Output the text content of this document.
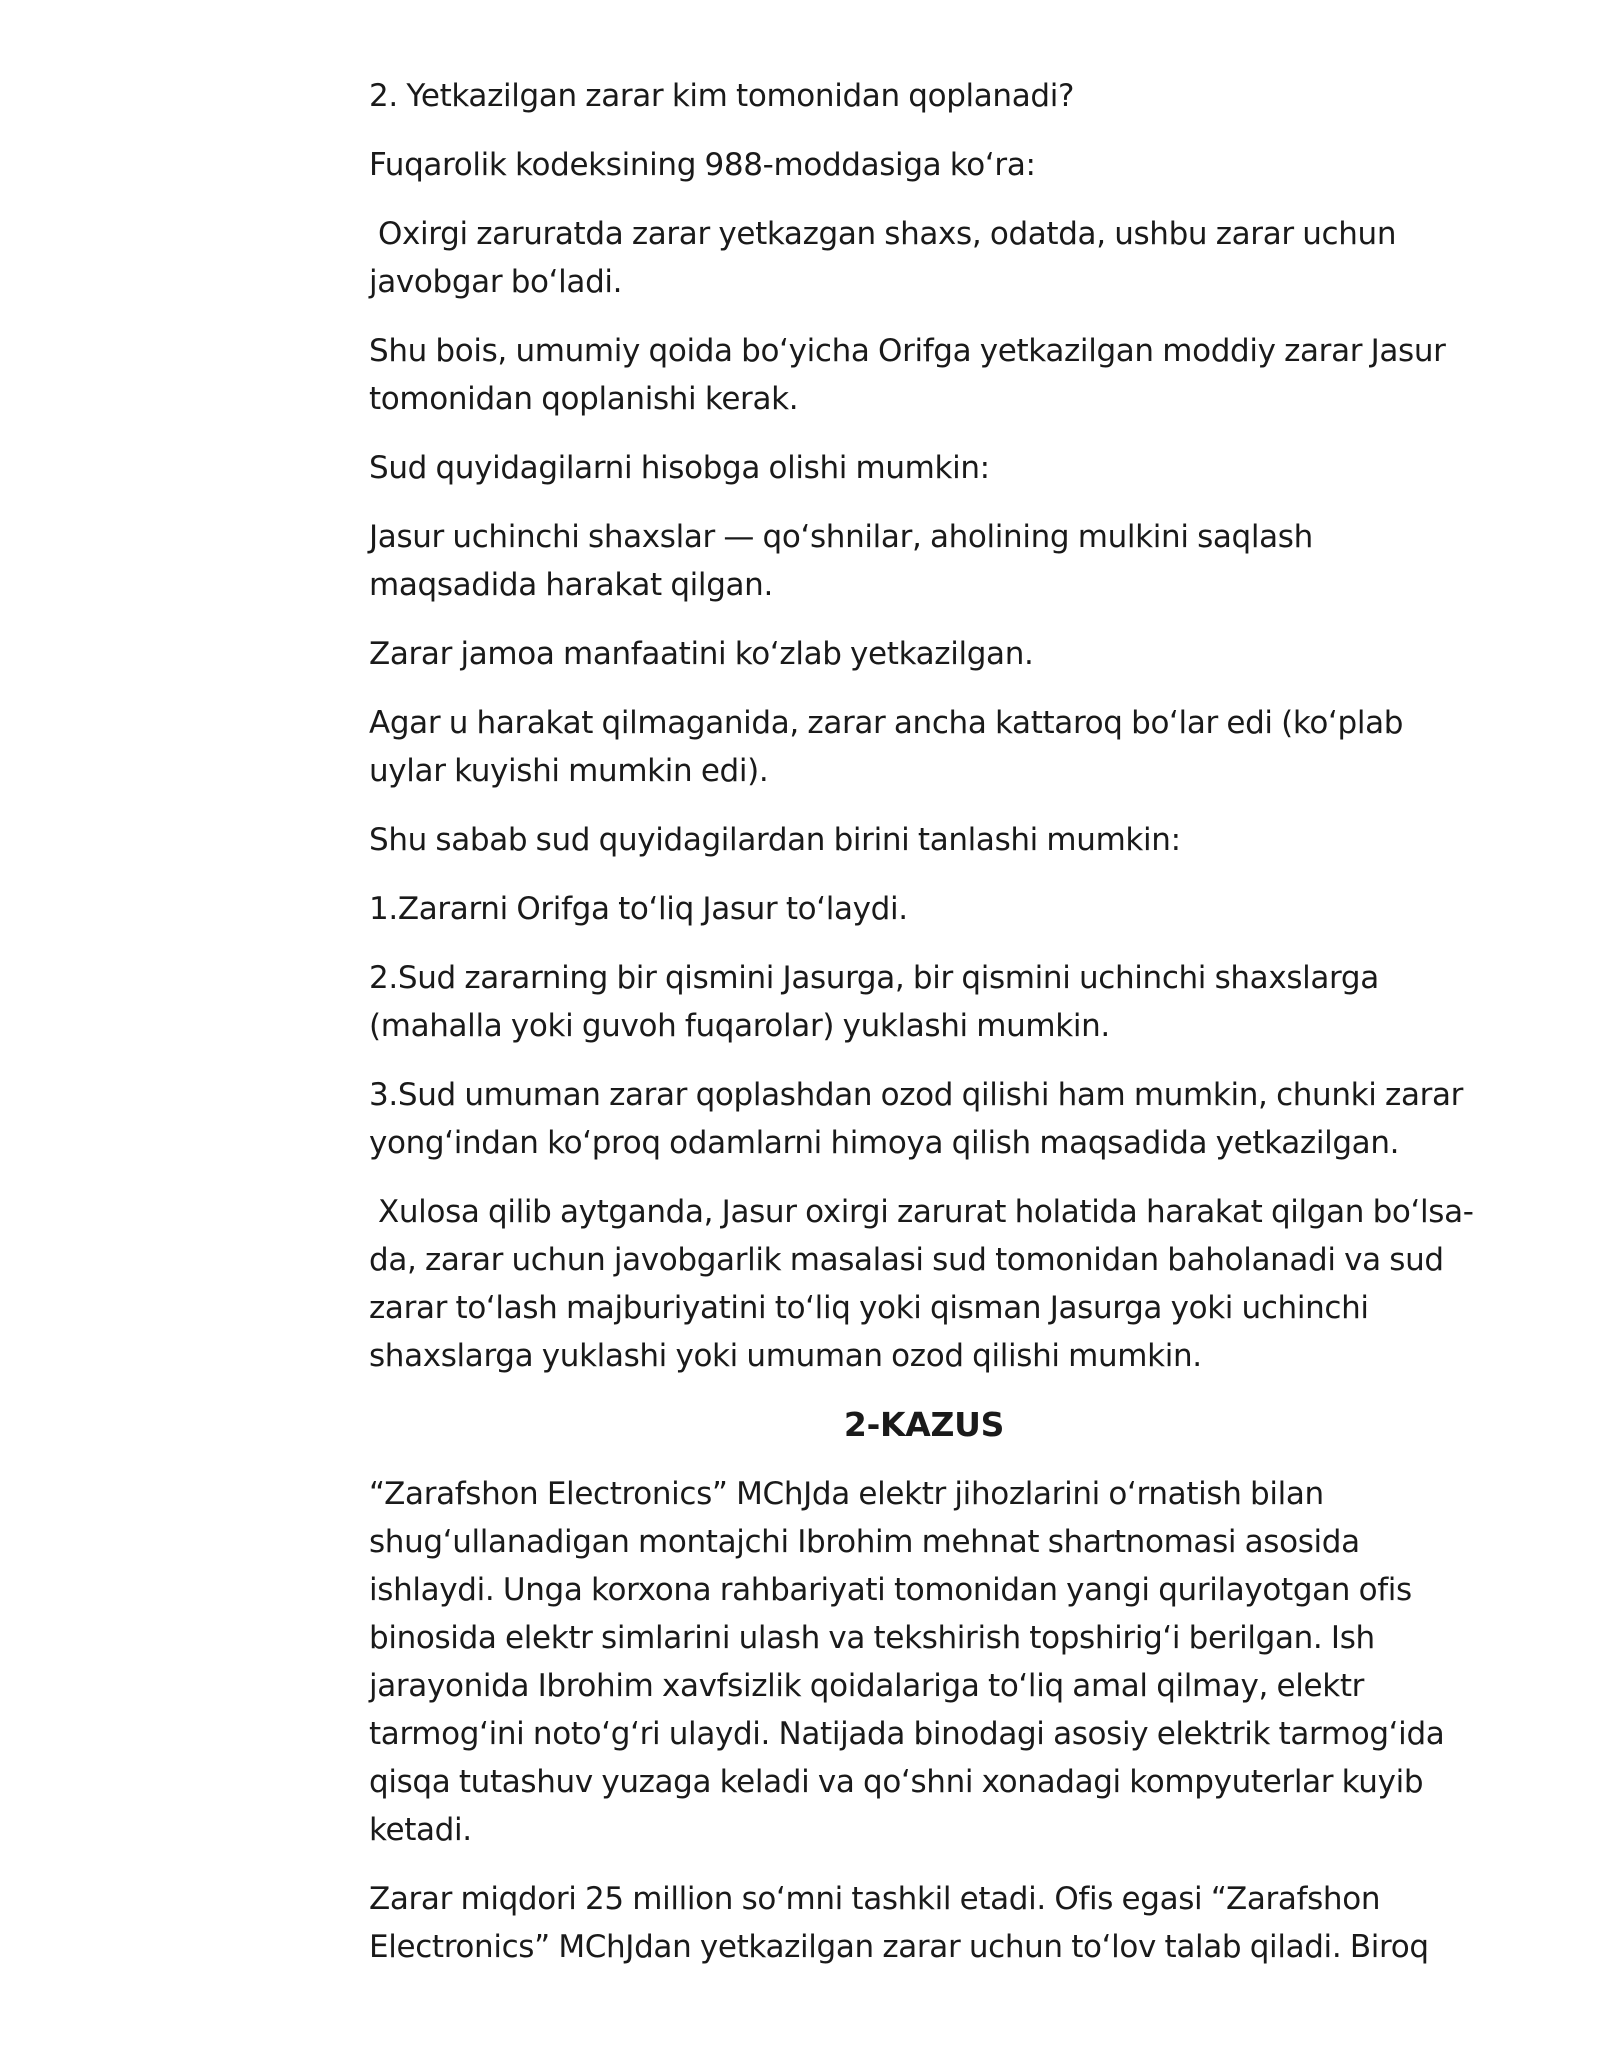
2. Yetkazilgan zarar kim tomonidan qoplanadi?

Fuqarolik kodeksining 988-moddasiga koʻra:

Oxirgi zaruratda zarar yetkazgan shaxs, odatda, ushbu zarar uchun javobgar boʻladi.

Shu bois, umumiy qoida boʻyicha Orifga yetkazilgan moddiy zarar Jasur tomonidan qoplanishi kerak.

Sud quyidagilarni hisobga olishi mumkin:

Jasur uchinchi shaxslar — qoʻshnilar, aholining mulkini saqlash maqsadida harakat qilgan.

Zarar jamoa manfaatini koʻzlab yetkazilgan.

Agar u harakat qilmaganida, zarar ancha kattaroq boʻlar edi (koʻplab uylar kuyishi mumkin edi).

Shu sabab sud quyidagilardan birini tanlashi mumkin:

1.Zararni Orifga toʻliq Jasur toʻlaydi.

2.Sud zararning bir qismini Jasurga, bir qismini uchinchi shaxslarga (mahalla yoki guvoh fuqarolar) yuklashi mumkin.

3.Sud umuman zarar qoplashdan ozod qilishi ham mumkin, chunki zarar yongʻindan koʻproq odamlarni himoya qilish maqsadida yetkazilgan.

Xulosa qilib aytganda, Jasur oxirgi zarurat holatida harakat qilgan boʻlsa-da, zarar uchun javobgarlik masalasi sud tomonidan baholanadi va sud zarar toʻlash majburiyatini toʻliq yoki qisman Jasurga yoki uchinchi shaxslarga yuklashi yoki umuman ozod qilishi mumkin.

2-KAZUS

“Zarafshon Electronics” MChJda elektr jihozlarini oʻrnatish bilan shugʻullanadigan montajchi Ibrohim mehnat shartnomasi asosida ishlaydi. Unga korxona rahbariyati tomonidan yangi qurilayotgan ofis binosida elektr simlarini ulash va tekshirish topshirigʻi berilgan. Ish jarayonida Ibrohim xavfsizlik qoidalariga toʻliq amal qilmay, elektr tarmogʻini notoʻgʻri ulaydi. Natijada binodagi asosiy elektrik tarmogʻida qisqa tutashuv yuzaga keladi va qoʻshni xonadagi kompyuterlar kuyib ketadi.

Zarar miqdori 25 million soʻmni tashkil etadi. Ofis egasi “Zarafshon Electronics” MChJdan yetkazilgan zarar uchun toʻlov talab qiladi. Biroq
